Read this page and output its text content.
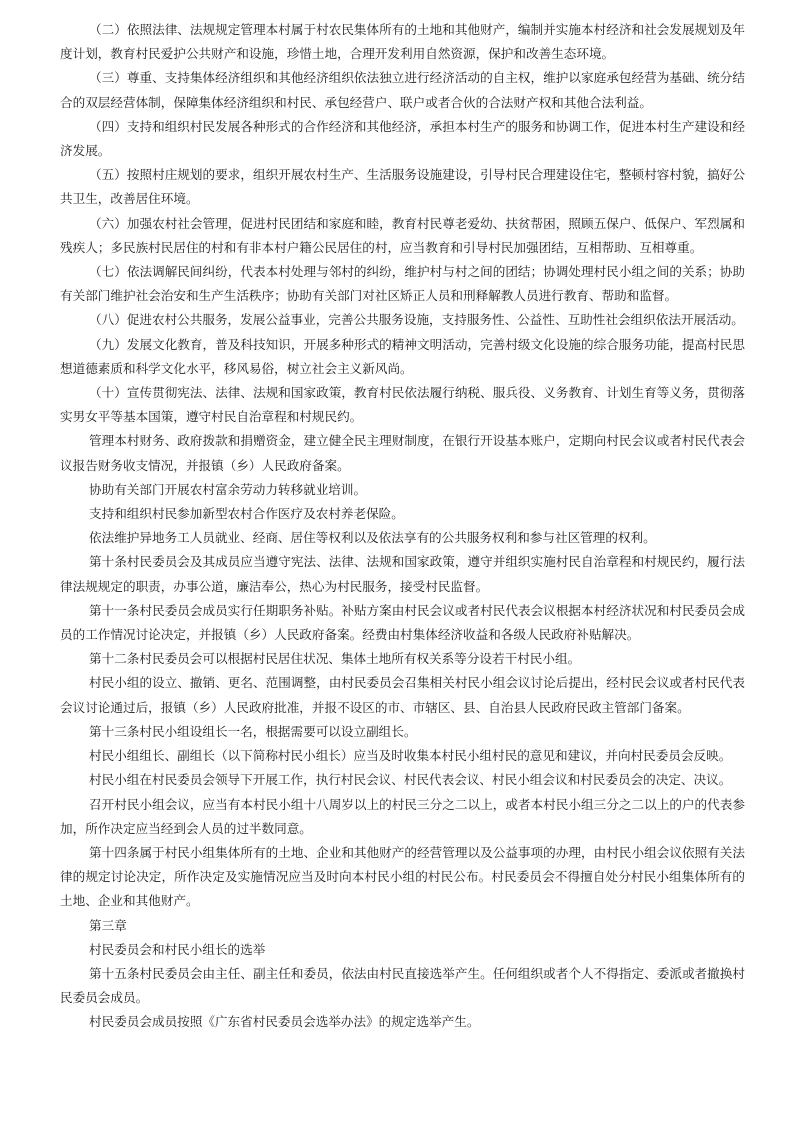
（二）依照法律、法规规定管理本村属于村农民集体所有的土地和其他财产，编制并实施本村经济和社会发展规划及年度计划，教育村民爱护公共财产和设施，珍惜土地，合理开发利用自然资源，保护和改善生态环境。

（三）尊重、支持集体经济组织和其他经济组织依法独立进行经济活动的自主权，维护以家庭承包经营为基础、统分结合的双层经营体制，保障集体经济组织和村民、承包经营户、联户或者合伙的合法财产权和其他合法利益。

（四）支持和组织村民发展各种形式的合作经济和其他经济，承担本村生产的服务和协调工作，促进本村生产建设和经济发展。

（五）按照村庄规划的要求，组织开展农村生产、生活服务设施建设，引导村民合理建设住宅，整顿村容村貌，搞好公共卫生，改善居住环境。

（六）加强农村社会管理，促进村民团结和家庭和睦，教育村民尊老爱幼、扶贫帮困，照顾五保户、低保户、军烈属和残疾人；多民族村民居住的村和有非本村户籍公民居住的村，应当教育和引导村民加强团结，互相帮助、互相尊重。

（七）依法调解民间纠纷，代表本村处理与邻村的纠纷，维护村与村之间的团结；协调处理村民小组之间的关系；协助有关部门维护社会治安和生产生活秩序；协助有关部门对社区矫正人员和刑释解教人员进行教育、帮助和监督。

（八）促进农村公共服务，发展公益事业，完善公共服务设施，支持服务性、公益性、互助性社会组织依法开展活动。

（九）发展文化教育，普及科技知识，开展多种形式的精神文明活动，完善村级文化设施的综合服务功能，提高村民思想道德素质和科学文化水平，移风易俗，树立社会主义新风尚。

（十）宣传贯彻宪法、法律、法规和国家政策，教育村民依法履行纳税、服兵役、义务教育、计划生育等义务，贯彻落实男女平等基本国策，遵守村民自治章程和村规民约。

管理本村财务、政府拨款和捐赠资金，建立健全民主理财制度，在银行开设基本账户，定期向村民会议或者村民代表会议报告财务收支情况，并报镇（乡）人民政府备案。

协助有关部门开展农村富余劳动力转移就业培训。

支持和组织村民参加新型农村合作医疗及农村养老保险。

依法维护异地务工人员就业、经商、居住等权利以及依法享有的公共服务权利和参与社区管理的权利。

第十条村民委员会及其成员应当遵守宪法、法律、法规和国家政策，遵守并组织实施村民自治章程和村规民约，履行法律法规规定的职责，办事公道，廉洁奉公，热心为村民服务，接受村民监督。

第十一条村民委员会成员实行任期职务补贴。补贴方案由村民会议或者村民代表会议根据本村经济状况和村民委员会成员的工作情况讨论决定，并报镇（乡）人民政府备案。经费由村集体经济收益和各级人民政府补贴解决。

第十二条村民委员会可以根据村民居住状况、集体土地所有权关系等分设若干村民小组。

村民小组的设立、撤销、更名、范围调整，由村民委员会召集相关村民小组会议讨论后提出，经村民会议或者村民代表会议讨论通过后，报镇（乡）人民政府批准，并报不设区的市、市辖区、县、自治县人民政府民政主管部门备案。

第十三条村民小组设组长一名，根据需要可以设立副组长。

村民小组组长、副组长（以下简称村民小组长）应当及时收集本村民小组村民的意见和建议，并向村民委员会反映。

村民小组在村民委员会领导下开展工作，执行村民会议、村民代表会议、村民小组会议和村民委员会的决定、决议。

召开村民小组会议，应当有本村民小组十八周岁以上的村民三分之二以上，或者本村民小组三分之二以上的户的代表参加，所作决定应当经到会人员的过半数同意。

第十四条属于村民小组集体所有的土地、企业和其他财产的经营管理以及公益事项的办理，由村民小组会议依照有关法律的规定讨论决定，所作决定及实施情况应当及时向本村民小组的村民公布。村民委员会不得擅自处分村民小组集体所有的土地、企业和其他财产。

第三章

村民委员会和村民小组长的选举

第十五条村民委员会由主任、副主任和委员，依法由村民直接选举产生。任何组织或者个人不得指定、委派或者撤换村民委员会成员。

村民委员会成员按照《广东省村民委员会选举办法》的规定选举产生。
